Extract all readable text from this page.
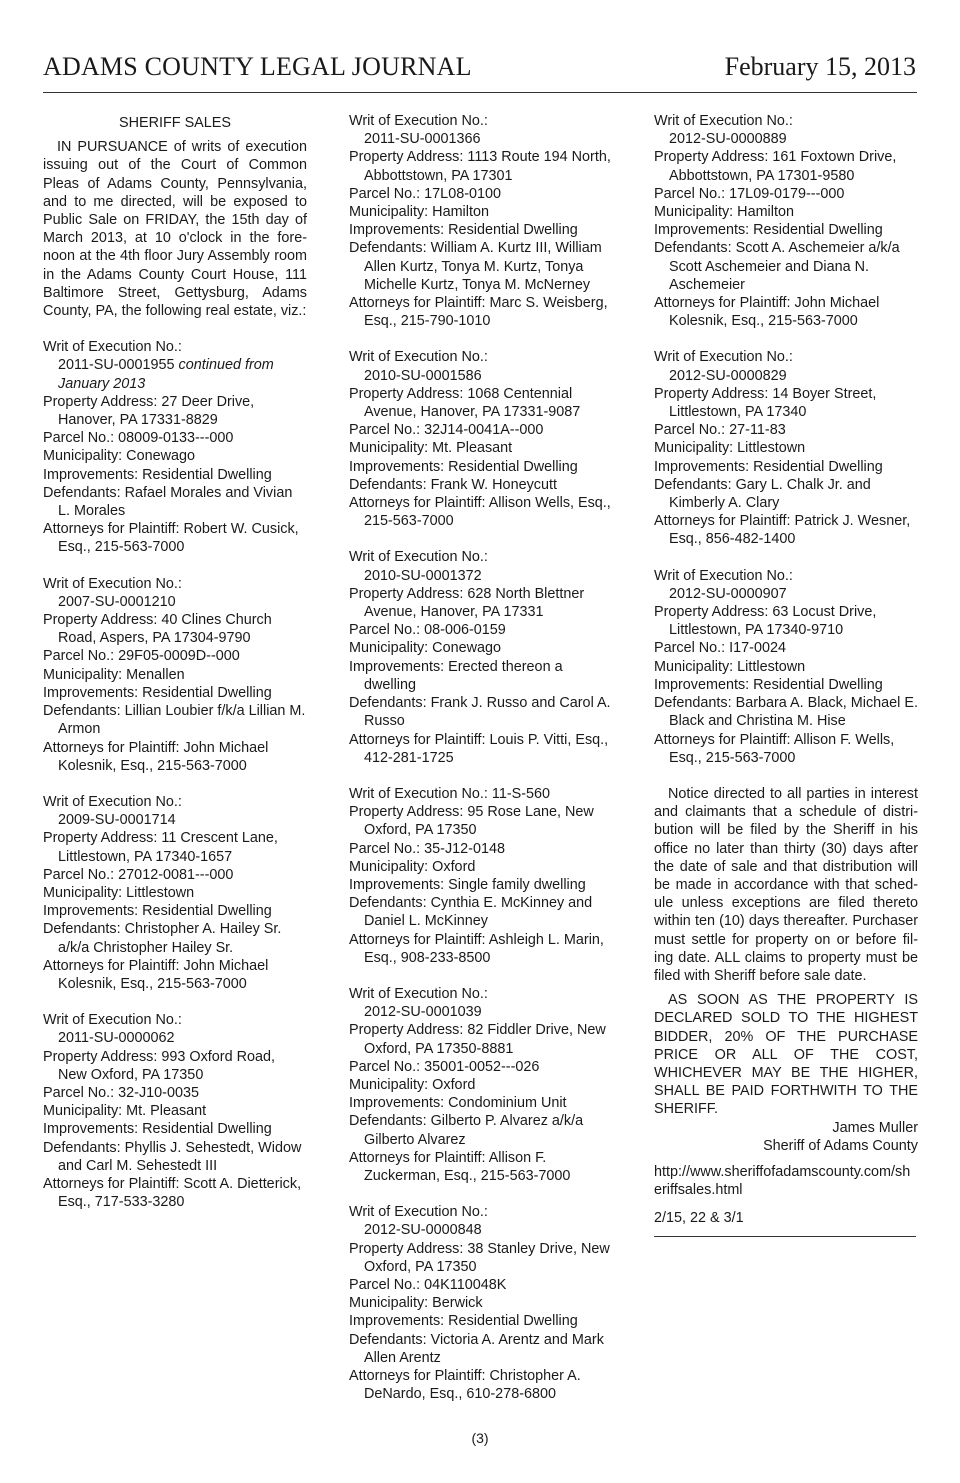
ADAMS COUNTY LEGAL JOURNAL	February 15, 2013
SHERIFF SALES

IN PURSUANCE of writs of execution issuing out of the Court of Common Pleas of Adams County, Pennsylvania, and to me directed, will be exposed to Public Sale on FRIDAY, the 15th day of March 2013, at 10 o'clock in the fore-noon at the 4th floor Jury Assembly room in the Adams County Court House, 111 Baltimore Street, Gettysburg, Adams County, PA, the following real estate, viz.:

Writ of Execution No.:
2011-SU-0001955 continued from January 2013
Property Address: 27 Deer Drive, Hanover, PA 17331-8829
Parcel No.: 08009-0133---000
Municipality: Conewago
Improvements: Residential Dwelling
Defendants: Rafael Morales and Vivian L. Morales
Attorneys for Plaintiff: Robert W. Cusick, Esq., 215-563-7000
Writ of Execution No.:
2007-SU-0001210
Property Address: 40 Clines Church Road, Aspers, PA 17304-9790
Parcel No.: 29F05-0009D--000
Municipality: Menallen
Improvements: Residential Dwelling
Defendants: Lillian Loubier f/k/a Lillian M. Armon
Attorneys for Plaintiff: John Michael Kolesnik, Esq., 215-563-7000
Writ of Execution No.:
2009-SU-0001714
Property Address: 11 Crescent Lane, Littlestown, PA 17340-1657
Parcel No.: 27012-0081---000
Municipality: Littlestown
Improvements: Residential Dwelling
Defendants: Christopher A. Hailey Sr. a/k/a Christopher Hailey Sr.
Attorneys for Plaintiff: John Michael Kolesnik, Esq., 215-563-7000
Writ of Execution No.:
2011-SU-0000062
Property Address: 993 Oxford Road, New Oxford, PA 17350
Parcel No.: 32-J10-0035
Municipality: Mt. Pleasant
Improvements: Residential Dwelling
Defendants: Phyllis J. Sehestedt, Widow and Carl M. Sehestedt III
Attorneys for Plaintiff: Scott A. Dietterick, Esq., 717-533-3280
Writ of Execution No.:
2011-SU-0001366
Property Address: 1113 Route 194 North, Abbottstown, PA 17301
Parcel No.: 17L08-0100
Municipality: Hamilton
Improvements: Residential Dwelling
Defendants: William A. Kurtz III, William Allen Kurtz, Tonya M. Kurtz, Tonya Michelle Kurtz, Tonya M. McNerney
Attorneys for Plaintiff: Marc S. Weisberg, Esq., 215-790-1010
Writ of Execution No.:
2010-SU-0001586
Property Address: 1068 Centennial Avenue, Hanover, PA 17331-9087
Parcel No.: 32J14-0041A--000
Municipality: Mt. Pleasant
Improvements: Residential Dwelling
Defendants: Frank W. Honeycutt
Attorneys for Plaintiff: Allison Wells, Esq., 215-563-7000
Writ of Execution No.:
2010-SU-0001372
Property Address: 628 North Blettner Avenue, Hanover, PA 17331
Parcel No.: 08-006-0159
Municipality: Conewago
Improvements: Erected thereon a dwelling
Defendants: Frank J. Russo and Carol A. Russo
Attorneys for Plaintiff: Louis P. Vitti, Esq., 412-281-1725
Writ of Execution No.: 11-S-560
Property Address: 95 Rose Lane, New Oxford, PA 17350
Parcel No.: 35-J12-0148
Municipality: Oxford
Improvements: Single family dwelling
Defendants: Cynthia E. McKinney and Daniel L. McKinney
Attorneys for Plaintiff: Ashleigh L. Marin, Esq., 908-233-8500
Writ of Execution No.:
2012-SU-0001039
Property Address: 82 Fiddler Drive, New Oxford, PA 17350-8881
Parcel No.: 35001-0052---026
Municipality: Oxford
Improvements: Condominium Unit
Defendants: Gilberto P. Alvarez a/k/a Gilberto Alvarez
Attorneys for Plaintiff: Allison F. Zuckerman, Esq., 215-563-7000
Writ of Execution No.:
2012-SU-0000848
Property Address: 38 Stanley Drive, New Oxford, PA 17350
Parcel No.: 04K110048K
Municipality: Berwick
Improvements: Residential Dwelling
Defendants: Victoria A. Arentz and Mark Allen Arentz
Attorneys for Plaintiff: Christopher A. DeNardo, Esq., 610-278-6800
Writ of Execution No.:
2012-SU-0000889
Property Address: 161 Foxtown Drive, Abbottstown, PA 17301-9580
Parcel No.: 17L09-0179---000
Municipality: Hamilton
Improvements: Residential Dwelling
Defendants: Scott A. Aschemeier a/k/a Scott Aschemeier and Diana N. Aschemeier
Attorneys for Plaintiff: John Michael Kolesnik, Esq., 215-563-7000
Writ of Execution No.:
2012-SU-0000829
Property Address: 14 Boyer Street, Littlestown, PA 17340
Parcel No.: 27-11-83
Municipality: Littlestown
Improvements: Residential Dwelling
Defendants: Gary L. Chalk Jr. and Kimberly A. Clary
Attorneys for Plaintiff: Patrick J. Wesner, Esq., 856-482-1400
Writ of Execution No.:
2012-SU-0000907
Property Address: 63 Locust Drive, Littlestown, PA 17340-9710
Parcel No.: I17-0024
Municipality: Littlestown
Improvements: Residential Dwelling
Defendants: Barbara A. Black, Michael E. Black and Christina M. Hise
Attorneys for Plaintiff: Allison F. Wells, Esq., 215-563-7000

Notice directed to all parties in interest and claimants that a schedule of distri-bution will be filed by the Sheriff in his office no later than thirty (30) days after the date of sale and that distribution will be made in accordance with that sched-ule unless exceptions are filed thereto within ten (10) days thereafter. Purchaser must settle for property on or before fil-ing date. ALL claims to property must be filed with Sheriff before sale date.

AS SOON AS THE PROPERTY IS DECLARED SOLD TO THE HIGHEST BIDDER, 20% OF THE PURCHASE PRICE OR ALL OF THE COST, WHICHEVER MAY BE THE HIGHER, SHALL BE PAID FORTHWITH TO THE SHERIFF.

James Muller
Sheriff of Adams County
http://www.sheriffofadamscounty.com/sheriffsales.html
2/15, 22 & 3/1
(3)
